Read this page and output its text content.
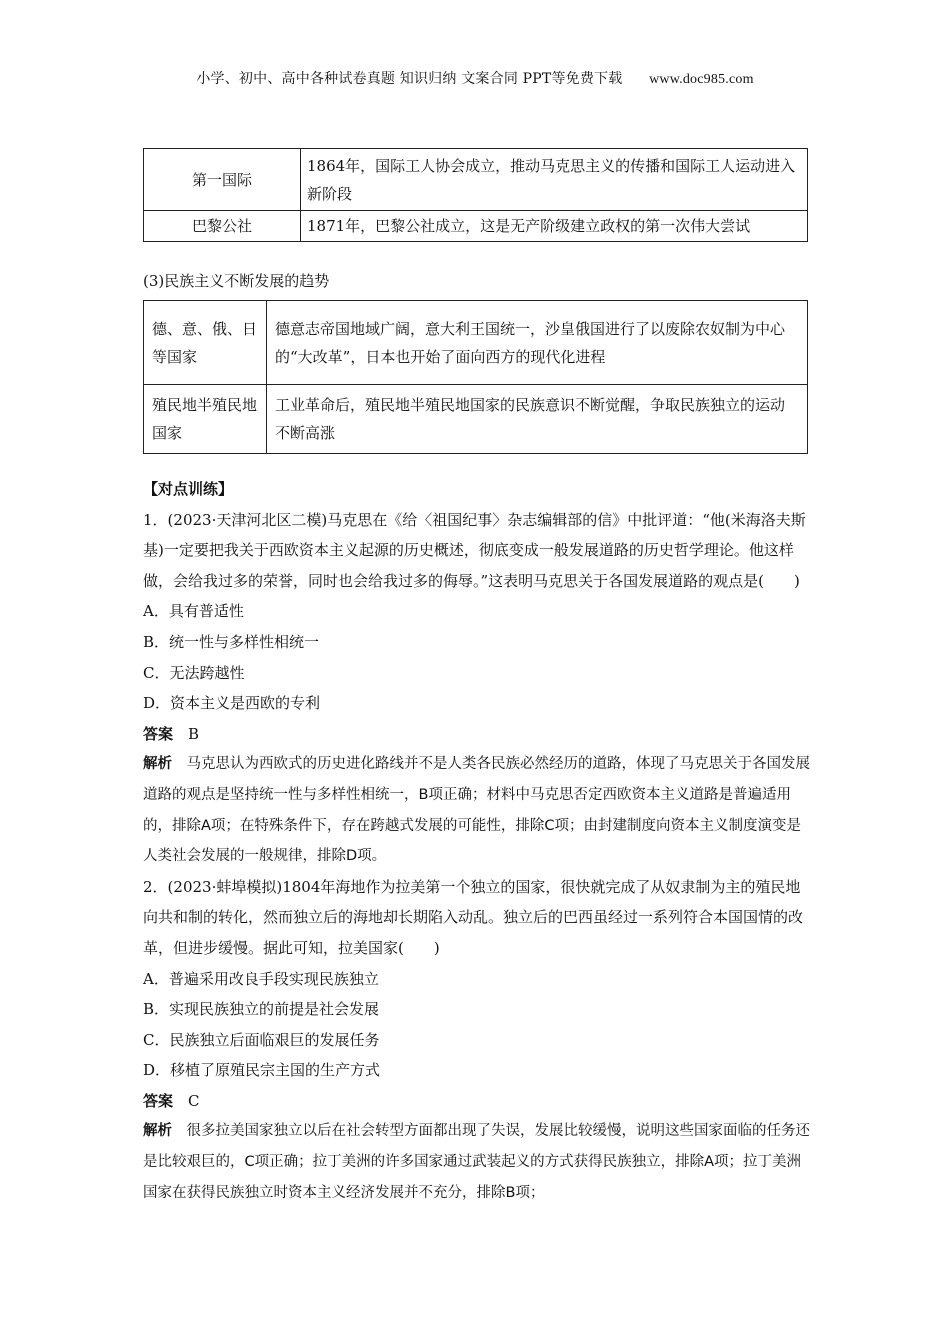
小学、初中、高中各种试卷真题 知识归纳 文案合同 PPT等免费下载 www.doc985.com
第一国际	1864年，国际工人协会成立，推动马克思主义的传播和国际工人运动进入新阶段
巴黎公社	1871年，巴黎公社成立，这是无产阶级建立政权的第一次伟大尝试
(3)民族主义不断发展的趋势
德、意、俄、日等国家	德意志帝国地域广阔，意大利王国统一，沙皇俄国进行了以废除农奴制为中心的“大改革”，日本也开始了面向西方的现代化进程
殖民地半殖民地国家	工业革命后，殖民地半殖民地国家的民族意识不断觉醒，争取民族独立的运动不断高涨

【对点训练】

1．(2023·天津河北区二模)马克思在《给〈祖国纪事〉杂志编辑部的信》中批评道：“他(米海洛夫斯基)一定要把我关于西欧资本主义起源的历史概述，彻底变成一般发展道路的历史哲学理论。他这样做，会给我过多的荣誉，同时也会给我过多的侮辱。”这表明马克思关于各国发展道路的观点是(　　)

A．具有普适性

B．统一性与多样性相统一

C．无法跨越性

D．资本主义是西欧的专利

答案　 B

解析　 马克思认为西欧式的历史进化路线并不是人类各民族必然经历的道路，体现了马克思关于各国发展道路的观点是坚持统一性与多样性相统一，B项正确；材料中马克思否定西欧资本主义道路是普遍适用的，排除A项；在特殊条件下，存在跨越式发展的可能性，排除C项；由封建制度向资本主义制度演变是人类社会发展的一般规律，排除D项。

2．(2023·蚌埠模拟)1804年海地作为拉美第一个独立的国家，很快就完成了从奴隶制为主的殖民地向共和制的转化，然而独立后的海地却长期陷入动乱。独立后的巴西虽经过一系列符合本国国情的改革，但进步缓慢。据此可知，拉美国家(　　)

A．普遍采用改良手段实现民族独立

B．实现民族独立的前提是社会发展

C．民族独立后面临艰巨的发展任务

D．移植了原殖民宗主国的生产方式

答案　 C

解析　 很多拉美国家独立以后在社会转型方面都出现了失误，发展比较缓慢，说明这些国家面临的任务还是比较艰巨的，C项正确；拉丁美洲的许多国家通过武装起义的方式获得民族独立，排除A项；拉丁美洲国家在获得民族独立时资本主义经济发展并不充分，排除B项；
